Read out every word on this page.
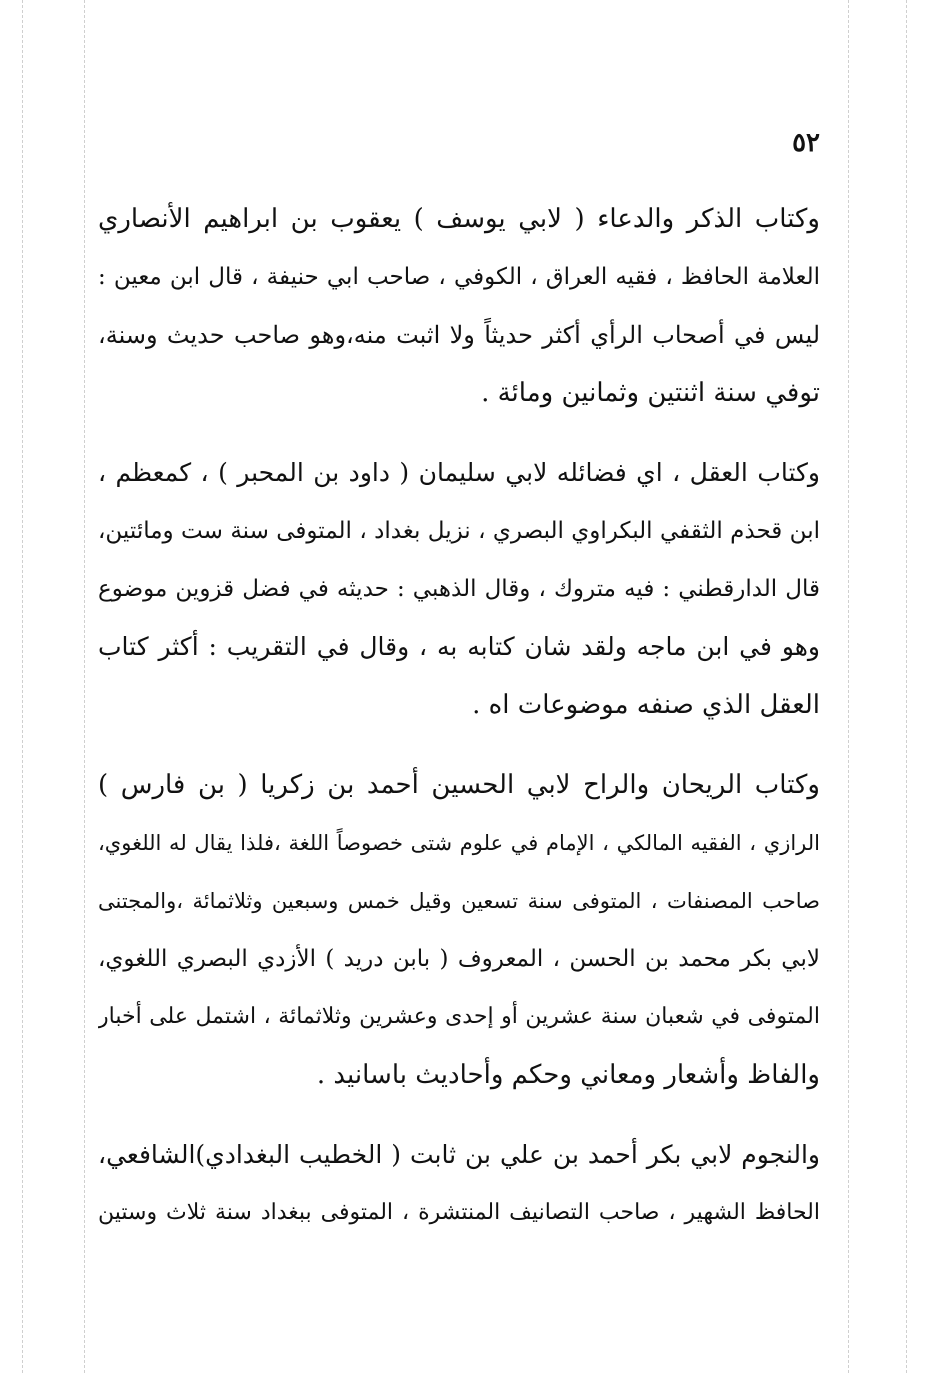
٥٢
وكتاب الذكر والدعاء ( لابي يوسف ) يعقوب بن ابراهيم الأنصاري
العلامة الحافظ ، فقيه العراق ، الكوفي ، صاحب ابي حنيفة ، قال ابن معين :
ليس في أصحاب الرأي أكثر حديثاً ولا اثبت منه،وهو صاحب حديث وسنة،
توفي سنة اثنتين وثمانين ومائة .
وكتاب العقل ، اي فضائله لابي سليمان ( داود بن المحبر ) ، كمعظم ،
ابن قحذم الثقفي البكراوي البصري ، نزيل بغداد ، المتوفى سنة ست ومائتين،
قال الدارقطني : فيه متروك ، وقال الذهبي : حديثه في فضل قزوين موضوع
وهو في ابن ماجه ولقد شان كتابه به ، وقال في التقريب : أكثر كتاب
العقل الذي صنفه موضوعات اه .
وكتاب الريحان والراح لابي الحسين أحمد بن زكريا ( بن فارس )
الرازي ، الفقيه المالكي ، الإمام في علوم شتى خصوصاً اللغة ،فلذا يقال له اللغوي،
صاحب المصنفات ، المتوفى سنة تسعين وقيل خمس وسبعين وثلاثمائة ،والمجتنى
لابي بكر محمد بن الحسن ، المعروف ( بابن دريد ) الأزدي البصري اللغوي،
المتوفى في شعبان سنة عشرين أو إحدى وعشرين وثلاثمائة ، اشتمل على أخبار
والفاظ وأشعار ومعاني وحكم وأحاديث باسانيد .
والنجوم لابي بكر أحمد بن علي بن ثابت ( الخطيب البغدادي)الشافعي،
الحافظ الشهير ، صاحب التصانيف المنتشرة ، المتوفى ببغداد سنة ثلاث وستين
